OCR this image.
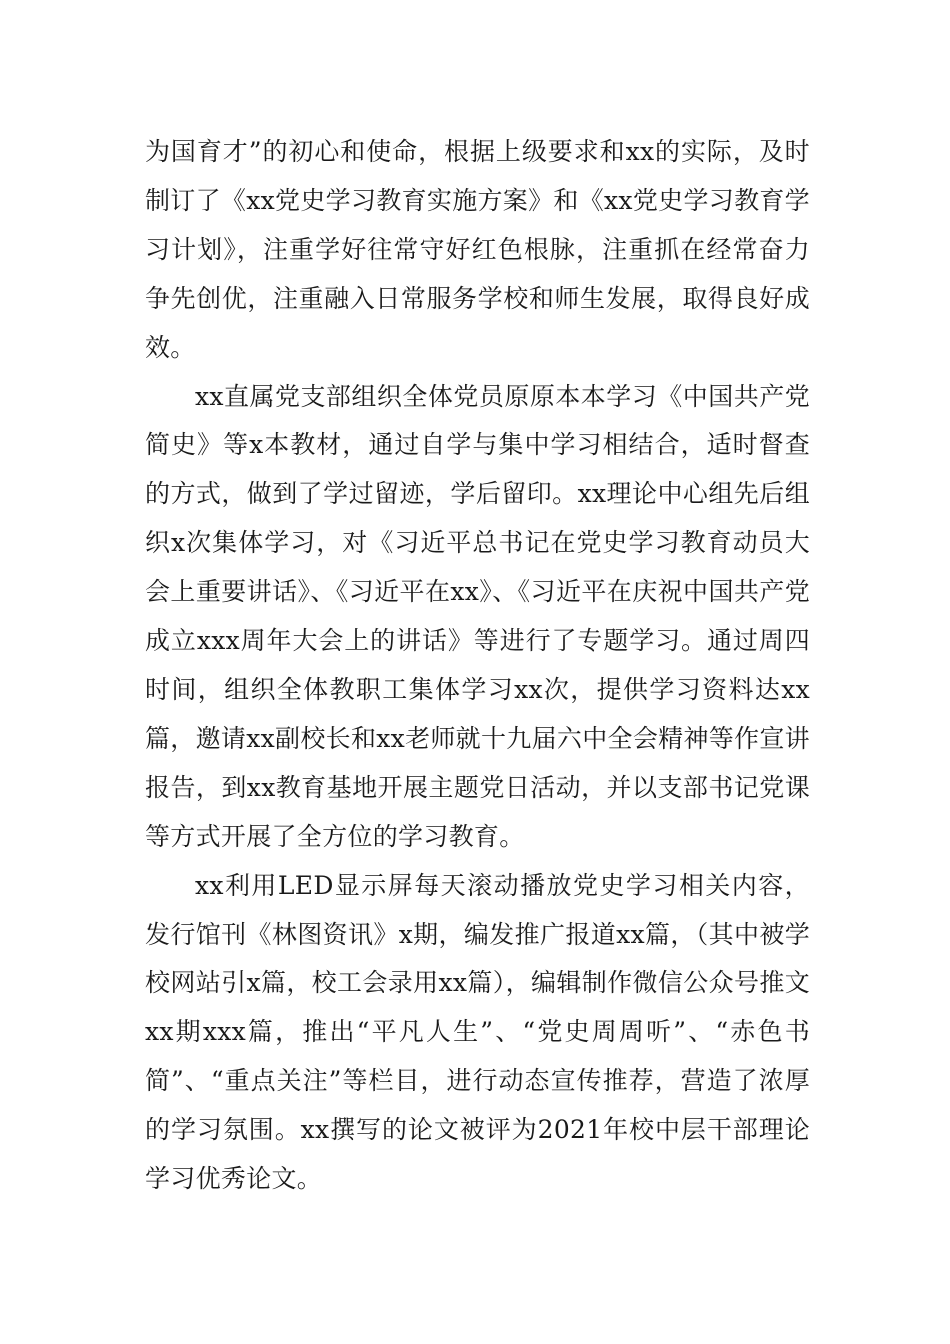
为国育才”的初心和使命，根据上级要求和xx的实际，及时制订了《xx党史学习教育实施方案》和《xx党史学习教育学习计划》，注重学好往常守好红色根脉，注重抓在经常奋力争先创优，注重融入日常服务学校和师生发展，取得良好成效。

xx直属党支部组织全体党员原原本本学习《中国共产党简史》等x本教材，通过自学与集中学习相结合，适时督查的方式，做到了学过留迹，学后留印。xx理论中心组先后组织x次集体学习，对《习近平总书记在党史学习教育动员大会上重要讲话》、《习近平在xx》、《习近平在庆祝中国共产党成立xxx周年大会上的讲话》等进行了专题学习。通过周四时间，组织全体教职工集体学习xx次，提供学习资料达xx篇，邀请xx副校长和xx老师就十九届六中全会精神等作宣讲报告，到xx教育基地开展主题党日活动，并以支部书记党课等方式开展了全方位的学习教育。

xx利用LED显示屏每天滚动播放党史学习相关内容，发行馆刊《林图资讯》x期，编发推广报道xx篇，（其中被学校网站引x篇，校工会录用xx篇），编辑制作微信公众号推文xx期xxx篇，推出“平凡人生”、“党史周周听”、“赤色书简”、“重点关注”等栏目，进行动态宣传推荐，营造了浓厚的学习氛围。xx撰写的论文被评为2021年校中层干部理论学习优秀论文。
